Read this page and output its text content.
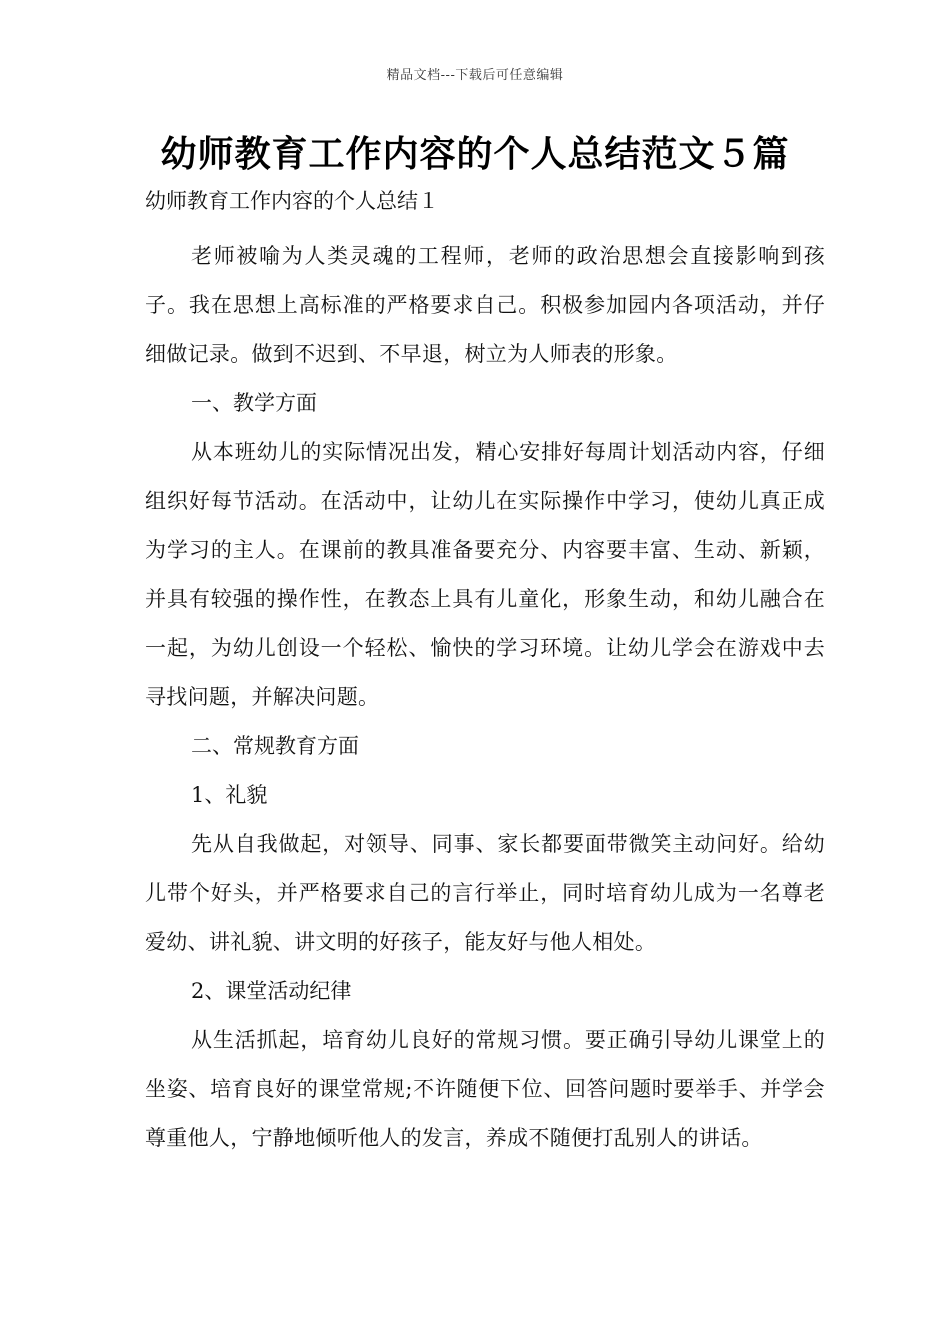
精品文档---下载后可任意编辑
幼师教育工作内容的个人总结范文５篇

幼师教育工作内容的个人总结１

老师被喻为人类灵魂的工程师，老师的政治思想会直接影响到孩子。我在思想上高标准的严格要求自己。积极参加园内各项活动，并仔细做记录。做到不迟到、不早退，树立为人师表的形象。

一、教学方面

从本班幼儿的实际情况出发，精心安排好每周计划活动内容，仔细组织好每节活动。在活动中，让幼儿在实际操作中学习，使幼儿真正成为学习的主人。在课前的教具准备要充分、内容要丰富、生动、新颖，并具有较强的操作性，在教态上具有儿童化，形象生动，和幼儿融合在一起，为幼儿创设一个轻松、愉快的学习环境。让幼儿学会在游戏中去寻找问题，并解决问题。

二、常规教育方面

1、礼貌

先从自我做起，对领导、同事、家长都要面带微笑主动问好。给幼儿带个好头，并严格要求自己的言行举止，同时培育幼儿成为一名尊老爱幼、讲礼貌、讲文明的好孩子，能友好与他人相处。

2、课堂活动纪律

从生活抓起，培育幼儿良好的常规习惯。要正确引导幼儿课堂上的坐姿、培育良好的课堂常规;不许随便下位、回答问题时要举手、并学会尊重他人，宁静地倾听他人的发言，养成不随便打乱别人的讲话。
